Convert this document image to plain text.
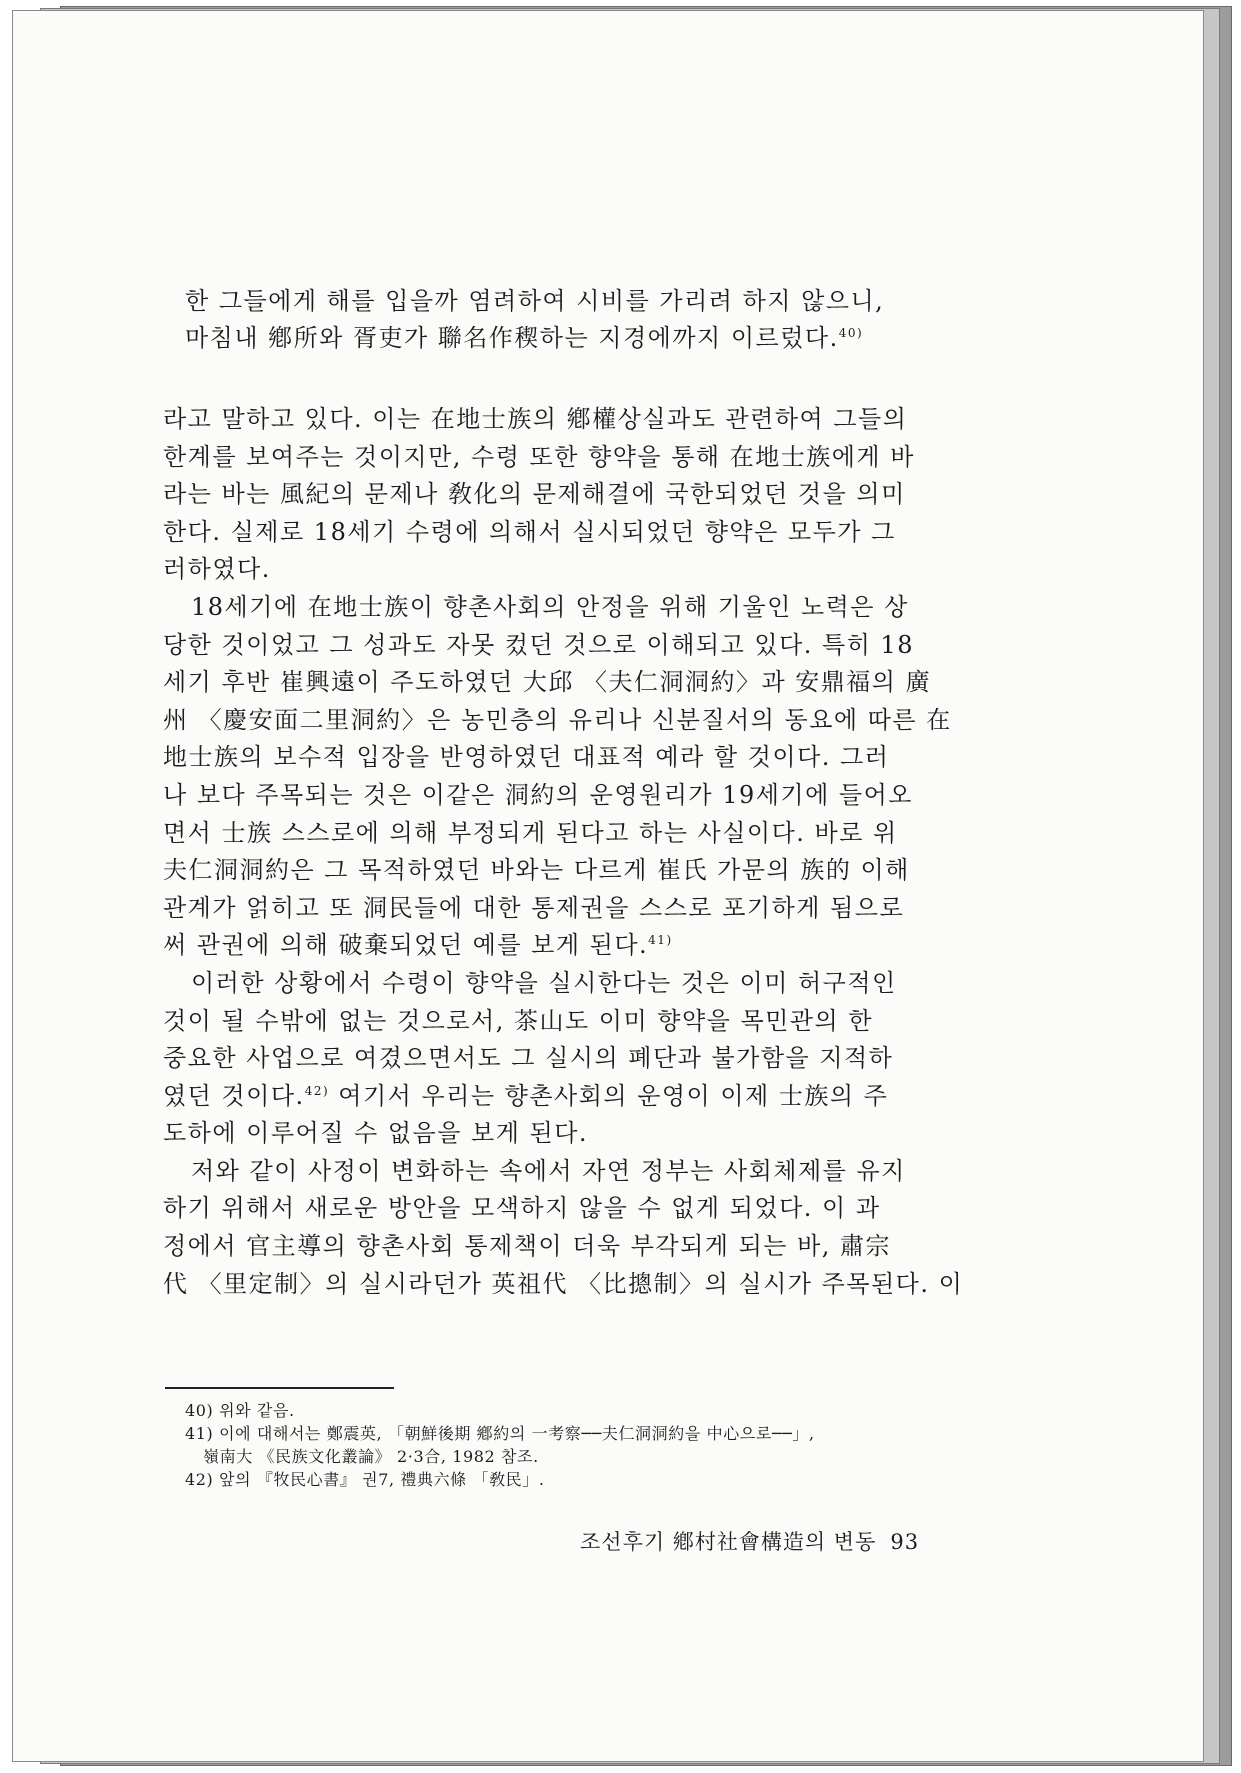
한 그들에게 해를 입을까 염려하여 시비를 가리려 하지 않으니,
마침내 鄕所와 胥吏가 聯名作稧하는 지경에까지 이르렀다.$^{40)}$
라고 말하고 있다. 이는 在地士族의 鄕權상실과도 관련하여 그들의
한계를 보여주는 것이지만, 수령 또한 향약을 통해 在地士族에게 바
라는 바는 風紀의 문제나 敎化의 문제해결에 국한되었던 것을 의미
한다. 실제로 18세기 수령에 의해서 실시되었던 향약은 모두가 그
러하였다.
18세기에 在地士族이 향촌사회의 안정을 위해 기울인 노력은 상
당한 것이었고 그 성과도 자못 컸던 것으로 이해되고 있다. 특히 18
세기 후반 崔興遠이 주도하였던 大邱 〈夫仁洞洞約〉과 安鼎福의 廣
州 〈慶安面二里洞約〉은 농민층의 유리나 신분질서의 동요에 따른 在
地士族의 보수적 입장을 반영하였던 대표적 예라 할 것이다. 그러
나 보다 주목되는 것은 이같은 洞約의 운영원리가 19세기에 들어오
면서 士族 스스로에 의해 부정되게 된다고 하는 사실이다. 바로 위
夫仁洞洞約은 그 목적하였던 바와는 다르게 崔氏 가문의 族的 이해
관계가 얽히고 또 洞民들에 대한 통제권을 스스로 포기하게 됨으로
써 관권에 의해 破棄되었던 예를 보게 된다.$^{41)}$
이러한 상황에서 수령이 향약을 실시한다는 것은 이미 허구적인
것이 될 수밖에 없는 것으로서, 茶山도 이미 향약을 목민관의 한
중요한 사업으로 여겼으면서도 그 실시의 폐단과 불가함을 지적하
였던 것이다.$^{42)}$ 여기서 우리는 향촌사회의 운영이 이제 士族의 주
도하에 이루어질 수 없음을 보게 된다.
저와 같이 사정이 변화하는 속에서 자연 정부는 사회체제를 유지
하기 위해서 새로운 방안을 모색하지 않을 수 없게 되었다. 이 과
정에서 官主導의 향촌사회 통제책이 더욱 부각되게 되는 바, 肅宗
代 〈里定制〉의 실시라던가 英祖代 〈比摠制〉의 실시가 주목된다. 이
40) 위와 같음.
41) 이에 대해서는 鄭震英, 「朝鮮後期 鄕約의 一考察──夫仁洞洞約을 中心으로──」,
嶺南大 《民族文化叢論》 2·3合, 1982 참조.
42) 앞의 『牧民心書』 권7, 禮典六條 「敎民」.
조선후기 鄕村社會構造의 변동 93
